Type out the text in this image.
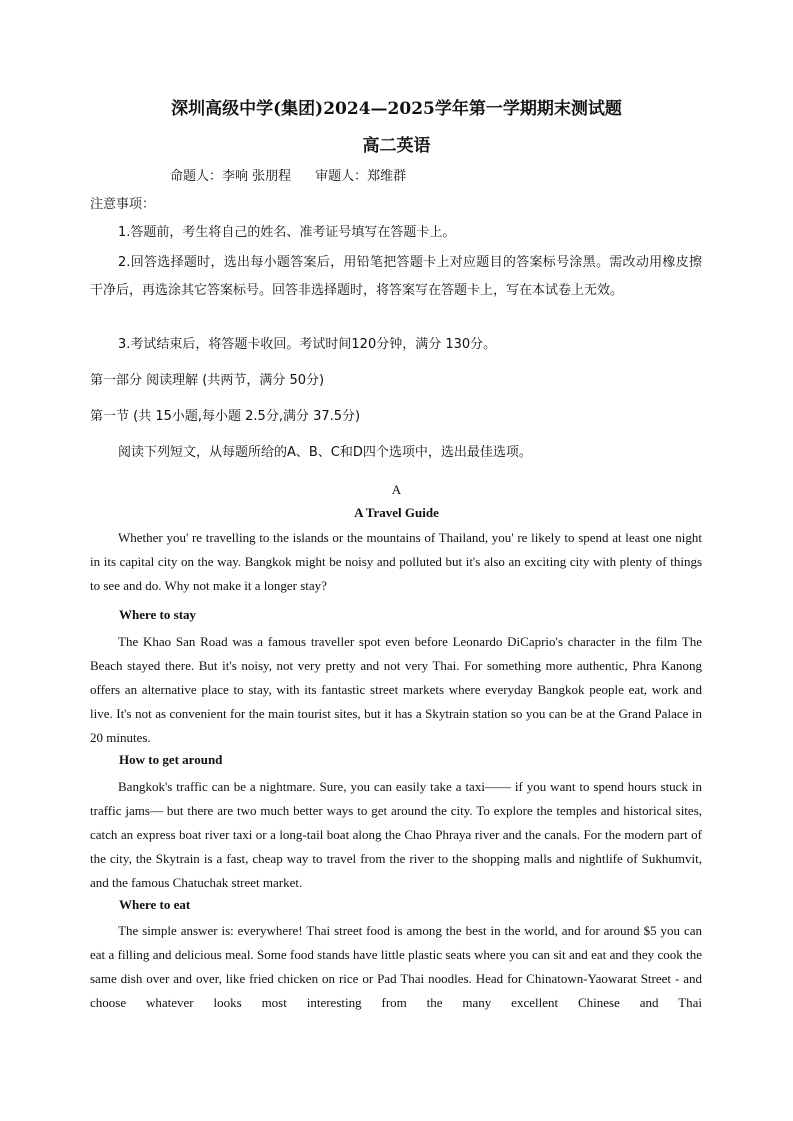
深圳高级中学(集团)2024—2025学年第一学期期末测试题
高二英语
命题人：李响 张朋程 审题人：郑维群
注意事项：
1.答题前，考生将自己的姓名、准考证号填写在答题卡上。
2.回答选择题时，选出每小题答案后，用铅笔把答题卡上对应题目的答案标号涂黑。需改动用橡皮擦干净后，再选涂其它答案标号。回答非选择题时，将答案写在答题卡上，写在本试卷上无效。
3.考试结束后，将答题卡收回。考试时间120分钟，满分 130分。
第一部分 阅读理解 (共两节，满分 50分)
第一节 (共 15小题,每小题 2.5分,满分 37.5分)
阅读下列短文，从每题所给的A、B、C和D四个选项中，选出最佳选项。
A
A Travel Guide
Whether you' re travelling to the islands or the mountains of Thailand, you' re likely to spend at least one night in its capital city on the way. Bangkok might be noisy and polluted but it's also an exciting city with plenty of things to see and do. Why not make it a longer stay?
Where to stay
The Khao San Road was a famous traveller spot even before Leonardo DiCaprio's character in the film The Beach stayed there. But it's noisy, not very pretty and not very Thai. For something more authentic, Phra Kanong offers an alternative place to stay, with its fantastic street markets where everyday Bangkok people eat, work and live. It's not as convenient for the main tourist sites, but it has a Skytrain station so you can be at the Grand Palace in 20 minutes.
How to get around
Bangkok's traffic can be a nightmare. Sure, you can easily take a taxi—— if you want to spend hours stuck in traffic jams— but there are two much better ways to get around the city. To explore the temples and historical sites, catch an express boat river taxi or a long-tail boat along the Chao Phraya river and the canals. For the modern part of the city, the Skytrain is a fast, cheap way to travel from the river to the shopping malls and nightlife of Sukhumvit, and the famous Chatuchak street market.
Where to eat
The simple answer is: everywhere! Thai street food is among the best in the world, and for around $5 you can eat a filling and delicious meal. Some food stands have little plastic seats where you can sit and eat and they cook the same dish over and over, like fried chicken on rice or Pad Thai noodles. Head for Chinatown-Yaowarat Street - and choose whatever looks most interesting from the many excellent Chinese and Thai
